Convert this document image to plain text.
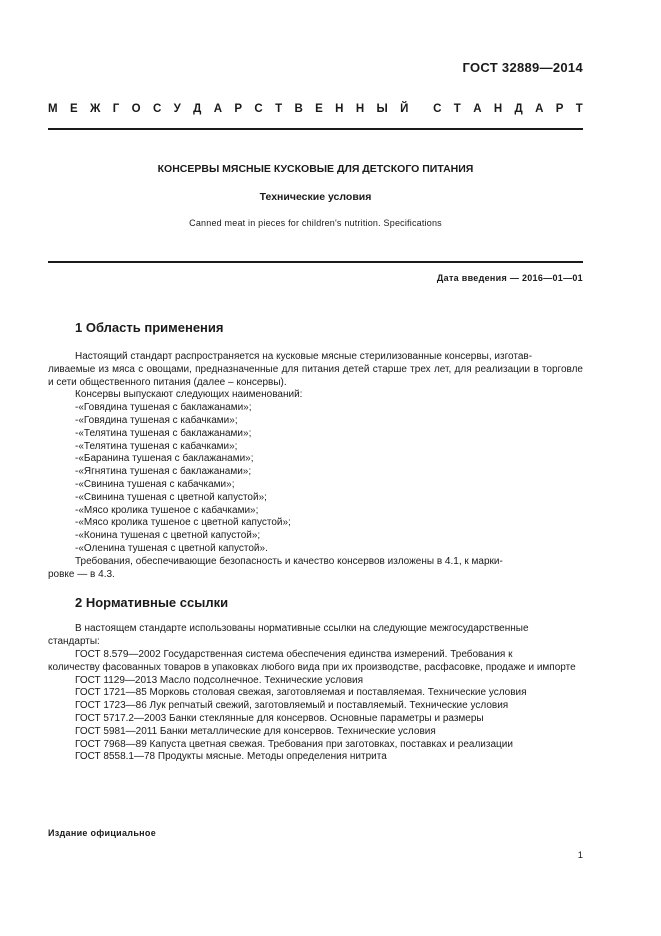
ГОСТ 32889—2014
М Е Ж Г О С У Д А Р С Т В Е Н Н Ы Й С Т А Н Д А Р Т
КОНСЕРВЫ МЯСНЫЕ КУСКОВЫЕ ДЛЯ ДЕТСКОГО ПИТАНИЯ
Технические условия
Canned meat in pieces for children's nutrition. Specifications
Дата введения — 2016—01—01
1 Область применения

Настоящий стандарт распространяется на кусковые мясные стерилизованные консервы, изготав-

ливаемые из мяса с овощами, предназначенные для питания детей старше трех лет, для реализации в торговле и сети общественного питания (далее – консервы).

Консервы выпускают следующих наименований:

-«Говядина тушеная с баклажанами»;
-«Говядина тушеная с кабачками»;
-«Телятина тушеная с баклажанами»;
-«Телятина тушеная с кабачками»;
-«Баранина тушеная с баклажанами»;
-«Ягнятина тушеная с баклажанами»;
-«Свинина тушеная с кабачками»;
-«Свинина тушеная с цветной капустой»;
-«Мясо кролика тушеное с кабачками»;
-«Мясо кролика тушеное с цветной капустой»;
-«Конина тушеная с цветной капустой»;
-«Оленина тушеная с цветной капустой».

Требования, обеспечивающие безопасность и качество консервов изложены в 4.1, к марки-

ровке — в 4.3.

2 Нормативные ссылки

В настоящем стандарте использованы нормативные ссылки на следующие межгосударственные

стандарты:

ГОСТ 8.579—2002 Государственная система обеспечения единства измерений. Требования к

количеству фасованных товаров в упаковках любого вида при их производстве, расфасовке, продаже и импорте

ГОСТ 1129—2013 Масло подсолнечное. Технические условия

ГОСТ 1721—85 Морковь столовая свежая, заготовляемая и поставляемая. Технические условия

ГОСТ 1723—86 Лук репчатый свежий, заготовляемый и поставляемый. Технические условия

ГОСТ 5717.2—2003 Банки стеклянные для консервов. Основные параметры и размеры

ГОСТ 5981—2011 Банки металлические для консервов. Технические условия

ГОСТ 7968—89 Капуста цветная свежая. Требования при заготовках, поставках и реализации

ГОСТ 8558.1—78 Продукты мясные. Методы определения нитрита

Издание официальное
1
